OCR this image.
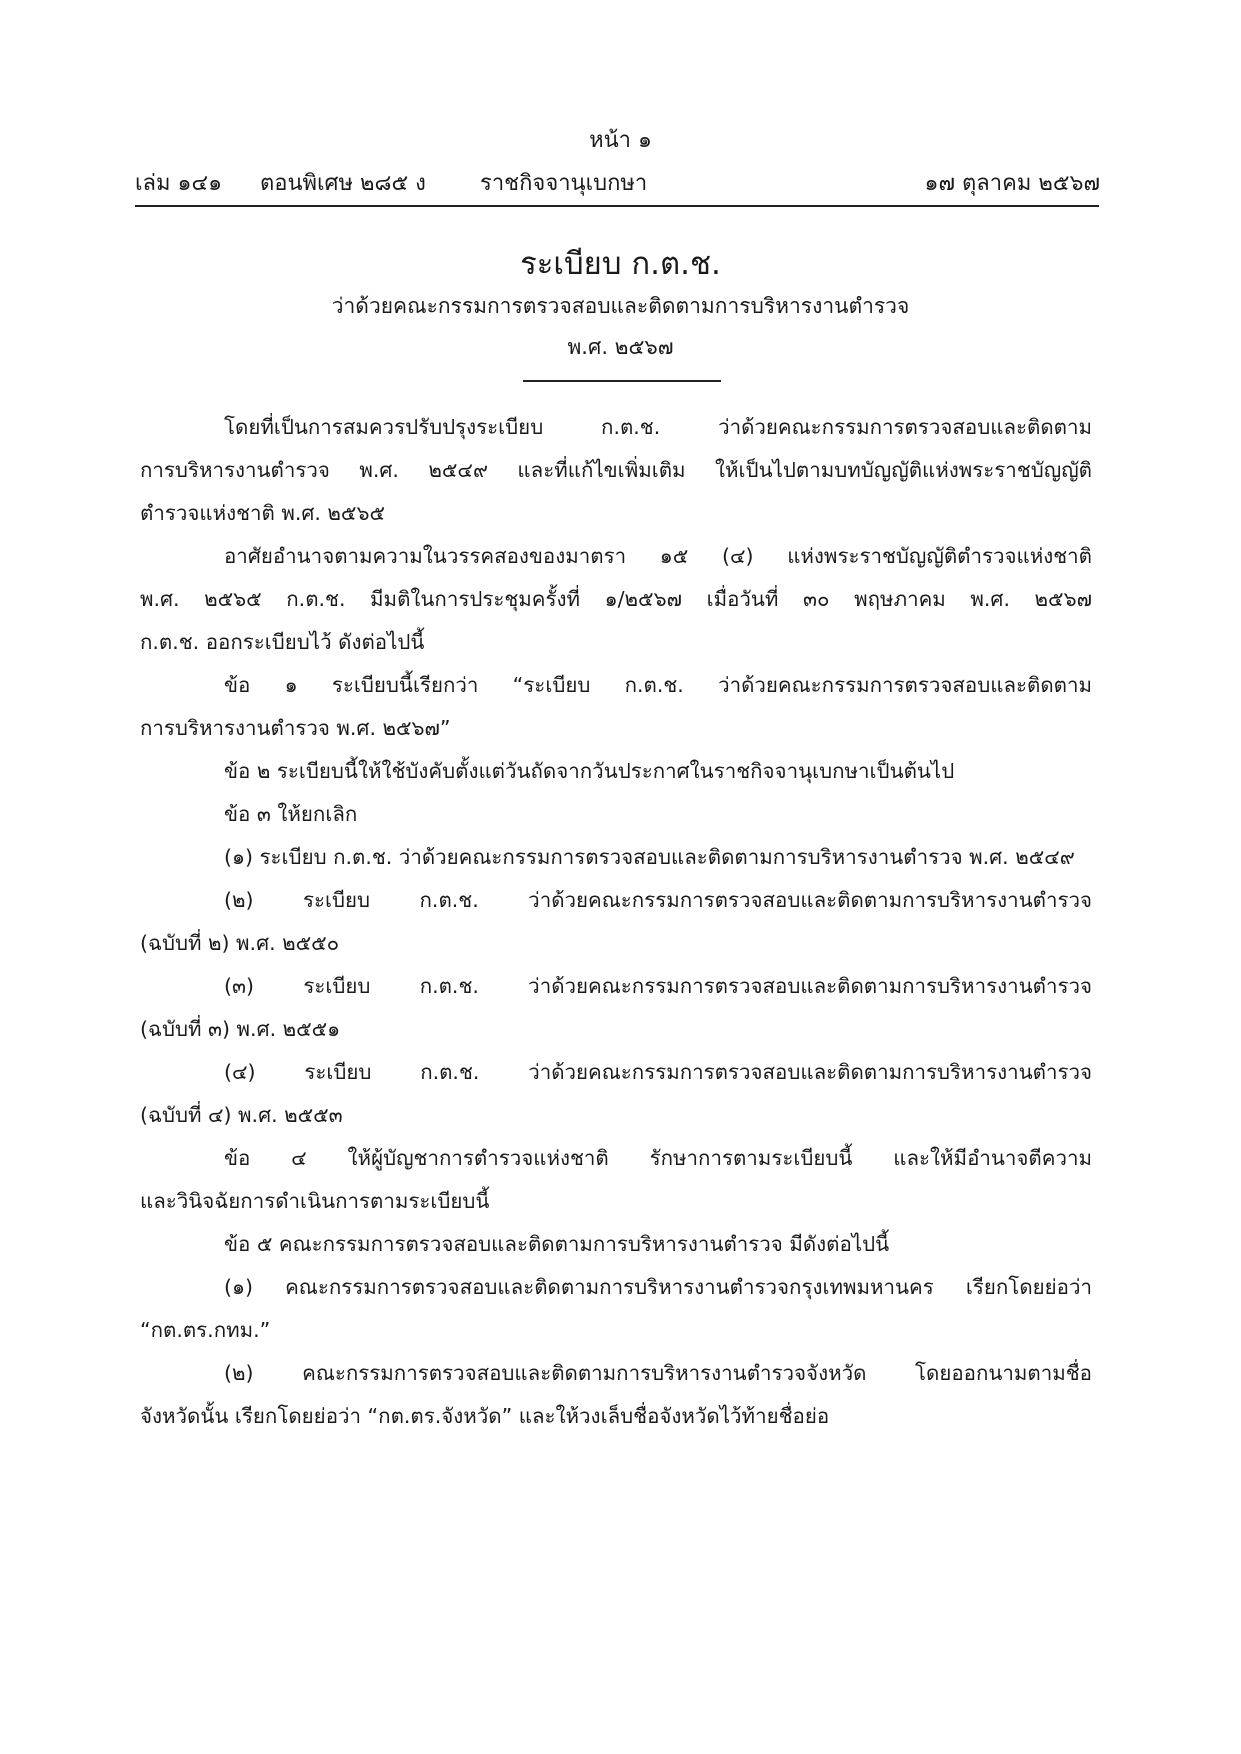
หน้า ๑
เล่ม ๑๔๑ ตอนพิเศษ ๒๘๕ ง ราชกิจจานุเบกษา	๑๗ ตุลาคม ๒๕๖๗
ระเบียบ ก.ต.ช.
ว่าด้วยคณะกรรมการตรวจสอบและติดตามการบริหารงานตำรวจ
พ.ศ. ๒๕๖๗
โดยที่เป็นการสมควรปรับปรุงระเบียบ ก.ต.ช. ว่าด้วยคณะกรรมการตรวจสอบและติดตาม
การบริหารงานตำรวจ พ.ศ. ๒๕๔๙ และที่แก้ไขเพิ่มเติม ให้เป็นไปตามบทบัญญัติแห่งพระราชบัญญัติ
ตำรวจแห่งชาติ พ.ศ. ๒๕๖๕
อาศัยอำนาจตามความในวรรคสองของมาตรา ๑๕ (๔) แห่งพระราชบัญญัติตำรวจแห่งชาติ
พ.ศ. ๒๕๖๕ ก.ต.ช. มีมติในการประชุมครั้งที่ ๑/๒๕๖๗ เมื่อวันที่ ๓๐ พฤษภาคม พ.ศ. ๒๕๖๗
ก.ต.ช. ออกระเบียบไว้ ดังต่อไปนี้
ข้อ ๑ ระเบียบนี้เรียกว่า “ระเบียบ ก.ต.ช. ว่าด้วยคณะกรรมการตรวจสอบและติดตาม
การบริหารงานตำรวจ พ.ศ. ๒๕๖๗”
ข้อ ๒ ระเบียบนี้ให้ใช้บังคับตั้งแต่วันถัดจากวันประกาศในราชกิจจานุเบกษาเป็นต้นไป
ข้อ ๓ ให้ยกเลิก
(๑) ระเบียบ ก.ต.ช. ว่าด้วยคณะกรรมการตรวจสอบและติดตามการบริหารงานตำรวจ พ.ศ. ๒๕๔๙
(๒) ระเบียบ ก.ต.ช. ว่าด้วยคณะกรรมการตรวจสอบและติดตามการบริหารงานตำรวจ
(ฉบับที่ ๒) พ.ศ. ๒๕๕๐
(๓) ระเบียบ ก.ต.ช. ว่าด้วยคณะกรรมการตรวจสอบและติดตามการบริหารงานตำรวจ
(ฉบับที่ ๓) พ.ศ. ๒๕๕๑
(๔) ระเบียบ ก.ต.ช. ว่าด้วยคณะกรรมการตรวจสอบและติดตามการบริหารงานตำรวจ
(ฉบับที่ ๔) พ.ศ. ๒๕๕๓
ข้อ ๔ ให้ผู้บัญชาการตำรวจแห่งชาติ รักษาการตามระเบียบนี้ และให้มีอำนาจตีความ
และวินิจฉัยการดำเนินการตามระเบียบนี้
ข้อ ๕ คณะกรรมการตรวจสอบและติดตามการบริหารงานตำรวจ มีดังต่อไปนี้
(๑) คณะกรรมการตรวจสอบและติดตามการบริหารงานตำรวจกรุงเทพมหานคร เรียกโดยย่อว่า
“กต.ตร.กทม.”
(๒) คณะกรรมการตรวจสอบและติดตามการบริหารงานตำรวจจังหวัด โดยออกนามตามชื่อ
จังหวัดนั้น เรียกโดยย่อว่า “กต.ตร.จังหวัด” และให้วงเล็บชื่อจังหวัดไว้ท้ายชื่อย่อ
